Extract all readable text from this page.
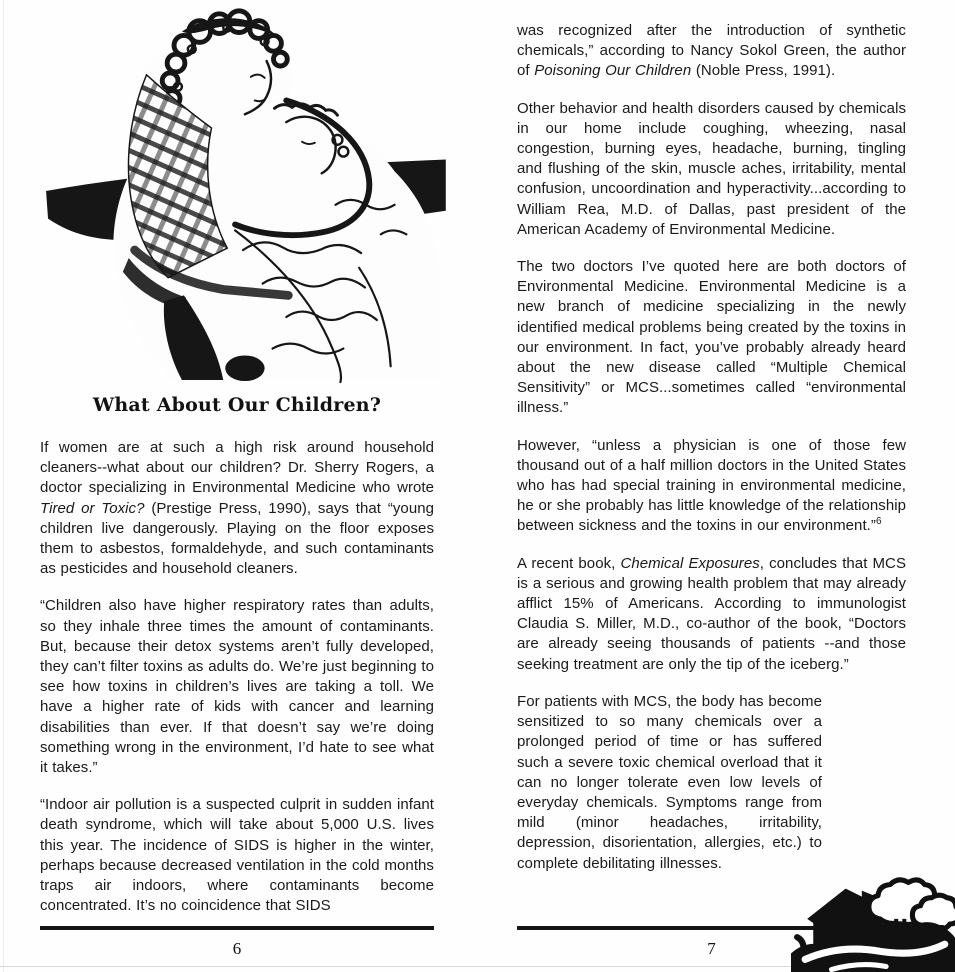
What About Our Children?

If women are at such a high risk around household cleaners--what about our children? Dr. Sherry Rogers, a doctor specializing in Environmental Medicine who wrote Tired or Toxic? (Prestige Press, 1990), says that “young children live dangerously. Playing on the floor exposes them to asbestos, formaldehyde, and such contaminants as pesticides and household cleaners.

“Children also have higher respiratory rates than adults, so they inhale three times the amount of contaminants. But, because their detox systems aren’t fully developed, they can’t filter toxins as adults do. We’re just beginning to see how toxins in children’s lives are taking a toll. We have a higher rate of kids with cancer and learning disabilities than ever. If that doesn’t say we’re doing something wrong in the environment, I’d hate to see what it takes.”

“Indoor air pollution is a suspected culprit in sudden infant death syndrome, which will take about 5,000 U.S. lives this year. The incidence of SIDS is higher in the winter, perhaps because decreased ventilation in the cold months traps air indoors, where contaminants become concentrated. It’s no coincidence that SIDS

was recognized after the introduction of synthetic chemicals,” according to Nancy Sokol Green, the author of Poisoning Our Children (Noble Press, 1991).

Other behavior and health disorders caused by chemicals in our home include coughing, wheezing, nasal congestion, burning eyes, headache, burning, tingling and flushing of the skin, muscle aches, irritability, mental confusion, uncoordination and hyperactivity...according to William Rea, M.D. of Dallas, past president of the American Academy of Environmental Medicine.

The two doctors I’ve quoted here are both doctors of Environmental Medicine. Environmental Medicine is a new branch of medicine specializing in the newly identified medical problems being created by the toxins in our environment. In fact, you’ve probably already heard about the new disease called “Multiple Chemical Sensitivity” or MCS...sometimes called “environmental illness.”

However, “unless a physician is one of those few thousand out of a half million doctors in the United States who has had special training in environmental medicine, he or she probably has little knowledge of the relationship between sickness and the toxins in our environment.”$^6$

A recent book, Chemical Exposures, concludes that MCS is a serious and growing health problem that may already afflict 15% of Americans. According to immunologist Claudia S. Miller, M.D., co-author of the book, “Doctors are already seeing thousands of patients --and those seeking treatment are only the tip of the iceberg.”

For patients with MCS, the body has become sensitized to so many chemicals over a prolonged period of time or has suffered such a severe toxic chemical overload that it can no longer tolerate even low levels of everyday chemicals. Symptoms range from mild (minor headaches, irritability, depression, disorientation, allergies, etc.) to complete debilitating illnesses.

6	7
